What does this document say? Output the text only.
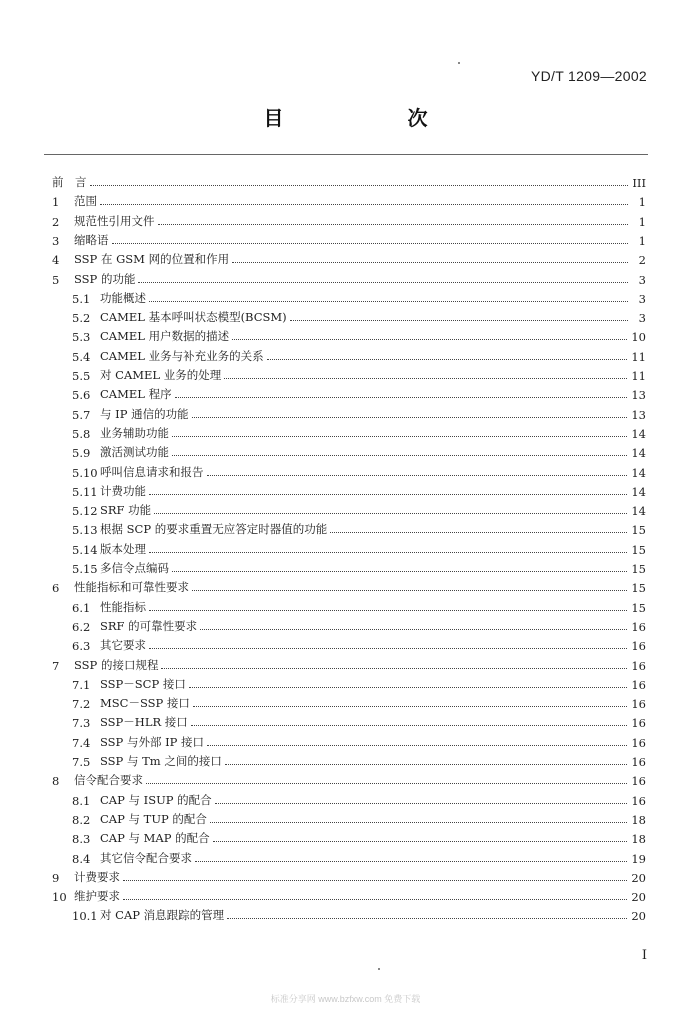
YD/T 1209—2002
目　次
前　言	III
1	范围	1
2	规范性引用文件	1
3	缩略语	1
4	SSP 在 GSM 网的位置和作用	2
5	SSP 的功能	3
5.1 功能概述	3
5.2 CAMEL 基本呼叫状态模型(BCSM)	3
5.3 CAMEL 用户数据的描述	10
5.4 CAMEL 业务与补充业务的关系	11
5.5 对 CAMEL 业务的处理	11
5.6 CAMEL 程序	13
5.7 与 IP 通信的功能	13
5.8 业务辅助功能	14
5.9 激活测试功能	14
5.10 呼叫信息请求和报告	14
5.11 计费功能	14
5.12 SRF 功能	14
5.13 根据 SCP 的要求重置无应答定时器值的功能	15
5.14 版本处理	15
5.15 多信令点编码	15
6	性能指标和可靠性要求	15
6.1 性能指标	15
6.2 SRF 的可靠性要求	16
6.3 其它要求	16
7	SSP 的接口规程	16
7.1 SSP－SCP 接口	16
7.2 MSC－SSP 接口	16
7.3 SSP－HLR 接口	16
7.4 SSP 与外部 IP 接口	16
7.5 SSP 与 Tm 之间的接口	16
8	信令配合要求	16
8.1 CAP 与 ISUP 的配合	16
8.2 CAP 与 TUP 的配合	18
8.3 CAP 与 MAP 的配合	18
8.4 其它信令配合要求	19
9	计费要求	20
10 维护要求	20
10.1 对 CAP 消息跟踪的管理	20
I
标准分享网 www.bzfxw.com 免费下载
